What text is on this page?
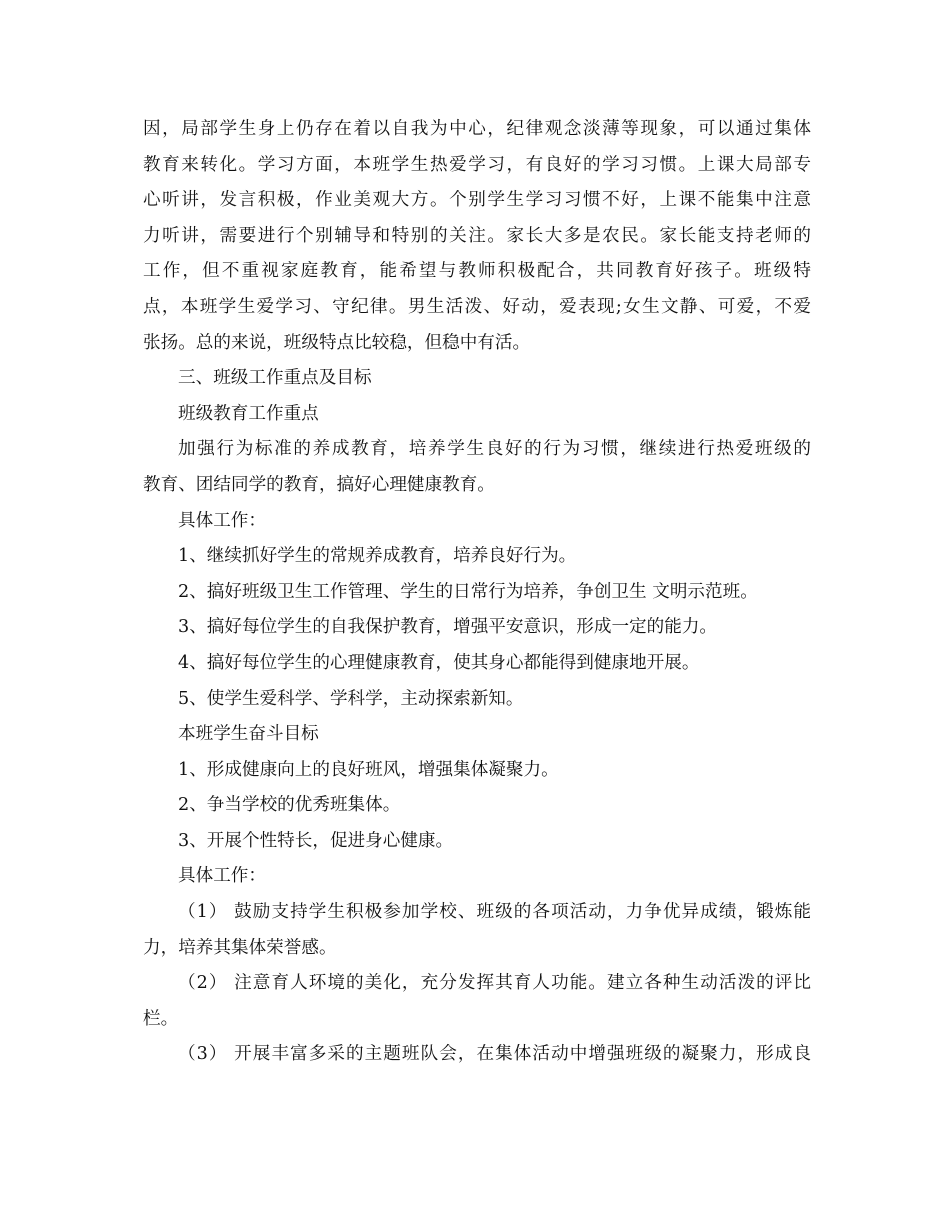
因，局部学生身上仍存在着以自我为中心，纪律观念淡薄等现象，可以通过集体
教育来转化。学习方面，本班学生热爱学习，有良好的学习习惯。上课大局部专
心听讲，发言积极，作业美观大方。个别学生学习习惯不好，上课不能集中注意
力听讲，需要进行个别辅导和特别的关注。家长大多是农民。家长能支持老师的
工作，但不重视家庭教育，能希望与教师积极配合，共同教育好孩子。班级特
点，本班学生爱学习、守纪律。男生活泼、好动，爱表现;女生文静、可爱，不爱
张扬。总的来说，班级特点比较稳，但稳中有活。

三、班级工作重点及目标

班级教育工作重点

加强行为标准的养成教育，培养学生良好的行为习惯，继续进行热爱班级的
教育、团结同学的教育，搞好心理健康教育。

具体工作：

1、继续抓好学生的常规养成教育，培养良好行为。

2、搞好班级卫生工作管理、学生的日常行为培养，争创卫生 文明示范班。

3、搞好每位学生的自我保护教育，增强平安意识，形成一定的能力。

4、搞好每位学生的心理健康教育，使其身心都能得到健康地开展。

5、使学生爱科学、学科学，主动探索新知。

本班学生奋斗目标

1、形成健康向上的良好班风，增强集体凝聚力。

2、争当学校的优秀班集体。

3、开展个性特长，促进身心健康。

具体工作：

（1） 鼓励支持学生积极参加学校、班级的各项活动，力争优异成绩，锻炼能
力，培养其集体荣誉感。

（2） 注意育人环境的美化，充分发挥其育人功能。建立各种生动活泼的评比
栏。

（3） 开展丰富多采的主题班队会，在集体活动中增强班级的凝聚力，形成良
